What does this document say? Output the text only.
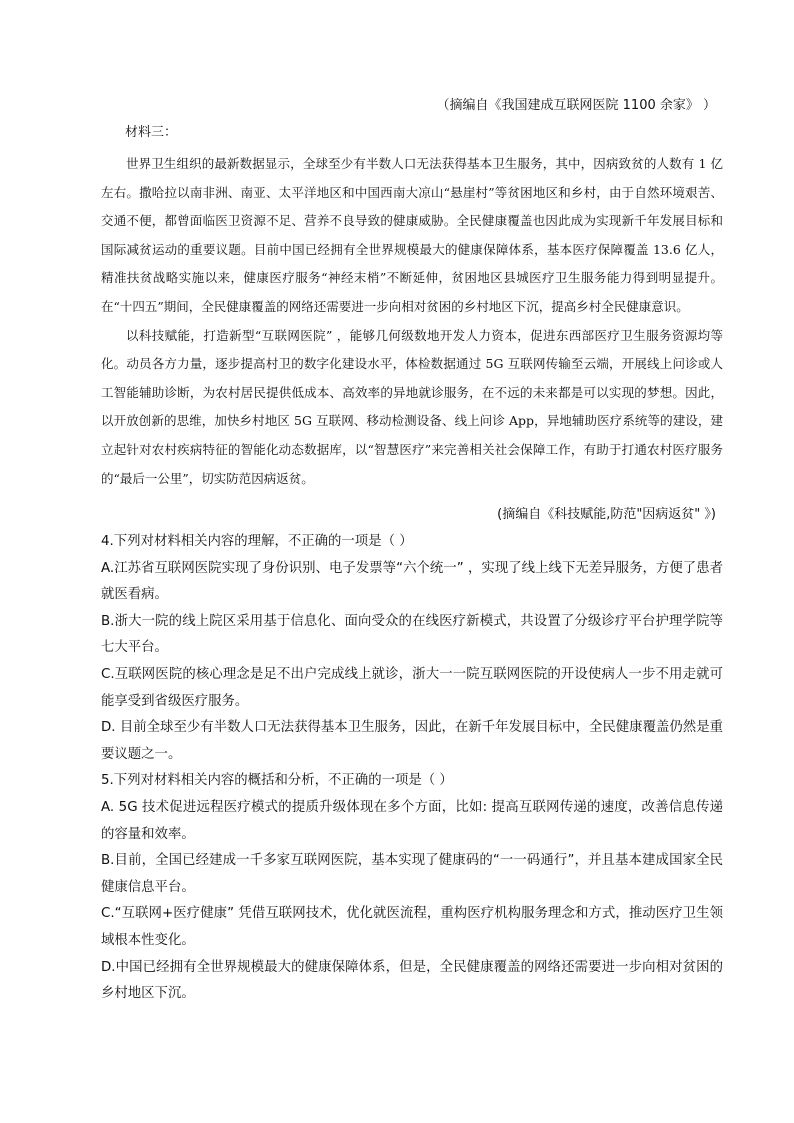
（摘编自《我国建成互联网医院 1100 余家》 ）
材料三：

世界卫生组织的最新数据显示，全球至少有半数人口无法获得基本卫生服务，其中，因病致贫的人数有 1 亿左右。撒哈拉以南非洲、南亚、太平洋地区和中国西南大凉山“悬崖村”等贫困地区和乡村，由于自然环境艰苦、交通不便，都曾面临医卫资源不足、营养不良导致的健康威胁。全民健康覆盖也因此成为实现新千年发展目标和国际减贫运动的重要议题。目前中国已经拥有全世界规模最大的健康保障体系，基本医疗保障覆盖 13.6 亿人，精准扶贫战略实施以来，健康医疗服务“神经末梢”不断延伸，贫困地区县城医疗卫生服务能力得到明显提升。在“十四五”期间，全民健康覆盖的网络还需要进一步向相对贫困的乡村地区下沉，提高乡村全民健康意识。

以科技赋能，打造新型“互联网医院” ，能够几何级数地开发人力资本，促进东西部医疗卫生服务资源均等化。动员各方力量，逐步提高村卫的数字化建设水平，体检数据通过 5G 互联网传输至云端，开展线上问诊或人工智能辅助诊断，为农村居民提供低成本、高效率的异地就诊服务，在不远的未来都是可以实现的梦想。因此，以开放创新的思维，加快乡村地区 5G 互联网、移动检测设备、线上问诊 App，异地辅助医疗系统等的建设，建立起针对农村疾病特征的智能化动态数据库，以“智慧医疗”来完善相关社会保障工作，有助于打通农村医疗服务的“最后一公里”，切实防范因病返贫。

(摘编自《科技赋能,防范"因病返贫" 》)

4.下列对材料相关内容的理解，不正确的一项是（ ）

A.江苏省互联网医院实现了身份识别、电子发票等“六个统一” ，实现了线上线下无差异服务，方便了患者就医看病。

B.浙大一院的线上院区采用基于信息化、面向受众的在线医疗新模式，共设置了分级诊疗平台护理学院等七大平台。

C.互联网医院的核心理念是足不出户完成线上就诊，浙大一一院互联网医院的开设使病人一步不用走就可能享受到省级医疗服务。

D. 目前全球至少有半数人口无法获得基本卫生服务，因此，在新千年发展目标中，全民健康覆盖仍然是重要议题之一。

5.下列对材料相关内容的概括和分析，不正确的一项是（ ）

A. 5G 技术促进远程医疗模式的提质升级体现在多个方面，比如: 提高互联网传递的速度，改善信息传递的容量和效率。

B.目前，全国已经建成一千多家互联网医院，基本实现了健康码的“一一码通行”，并且基本建成国家全民健康信息平台。

C.“互联网+医疗健康” 凭借互联网技术，优化就医流程，重构医疗机构服务理念和方式，推动医疗卫生领域根本性变化。

D.中国已经拥有全世界规模最大的健康保障体系，但是，全民健康覆盖的网络还需要进一步向相对贫困的乡村地区下沉。
